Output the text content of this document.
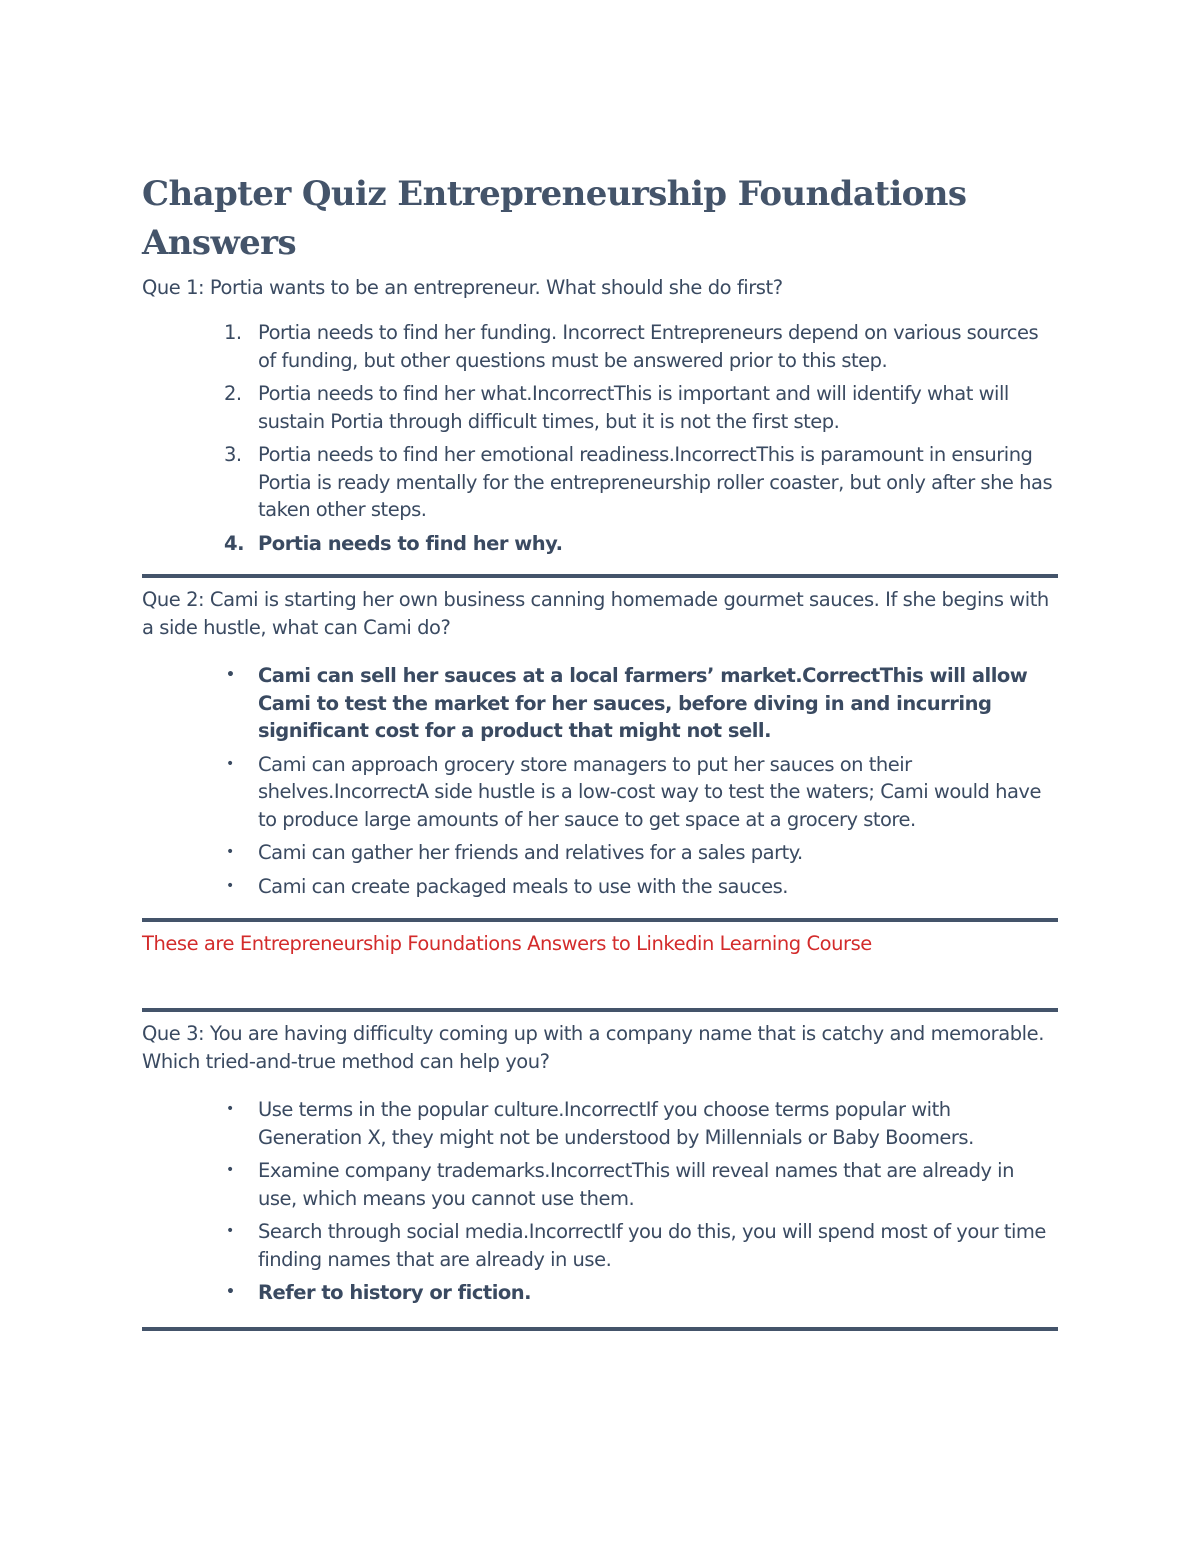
Chapter Quiz Entrepreneurship Foundations Answers

Que 1: Portia wants to be an entrepreneur. What should she do first?

1. Portia needs to find her funding. Incorrect Entrepreneurs depend on various sources of funding, but other questions must be answered prior to this step.
2. Portia needs to find her what.IncorrectThis is important and will identify what will sustain Portia through difficult times, but it is not the first step.
3. Portia needs to find her emotional readiness.IncorrectThis is paramount in ensuring Portia is ready mentally for the entrepreneurship roller coaster, but only after she has taken other steps.
4. Portia needs to find her why.

Que 2: Cami is starting her own business canning homemade gourmet sauces. If she begins with a side hustle, what can Cami do?

• Cami can sell her sauces at a local farmers’ market.CorrectThis will allow Cami to test the market for her sauces, before diving in and incurring significant cost for a product that might not sell.
• Cami can approach grocery store managers to put her sauces on their shelves.IncorrectA side hustle is a low-cost way to test the waters; Cami would have to produce large amounts of her sauce to get space at a grocery store.
• Cami can gather her friends and relatives for a sales party.
• Cami can create packaged meals to use with the sauces.

These are Entrepreneurship Foundations Answers to Linkedin Learning Course

Que 3: You are having difficulty coming up with a company name that is catchy and memorable. Which tried-and-true method can help you?

• Use terms in the popular culture.IncorrectIf you choose terms popular with Generation X, they might not be understood by Millennials or Baby Boomers.
• Examine company trademarks.IncorrectThis will reveal names that are already in use, which means you cannot use them.
• Search through social media.IncorrectIf you do this, you will spend most of your time finding names that are already in use.
• Refer to history or fiction.
